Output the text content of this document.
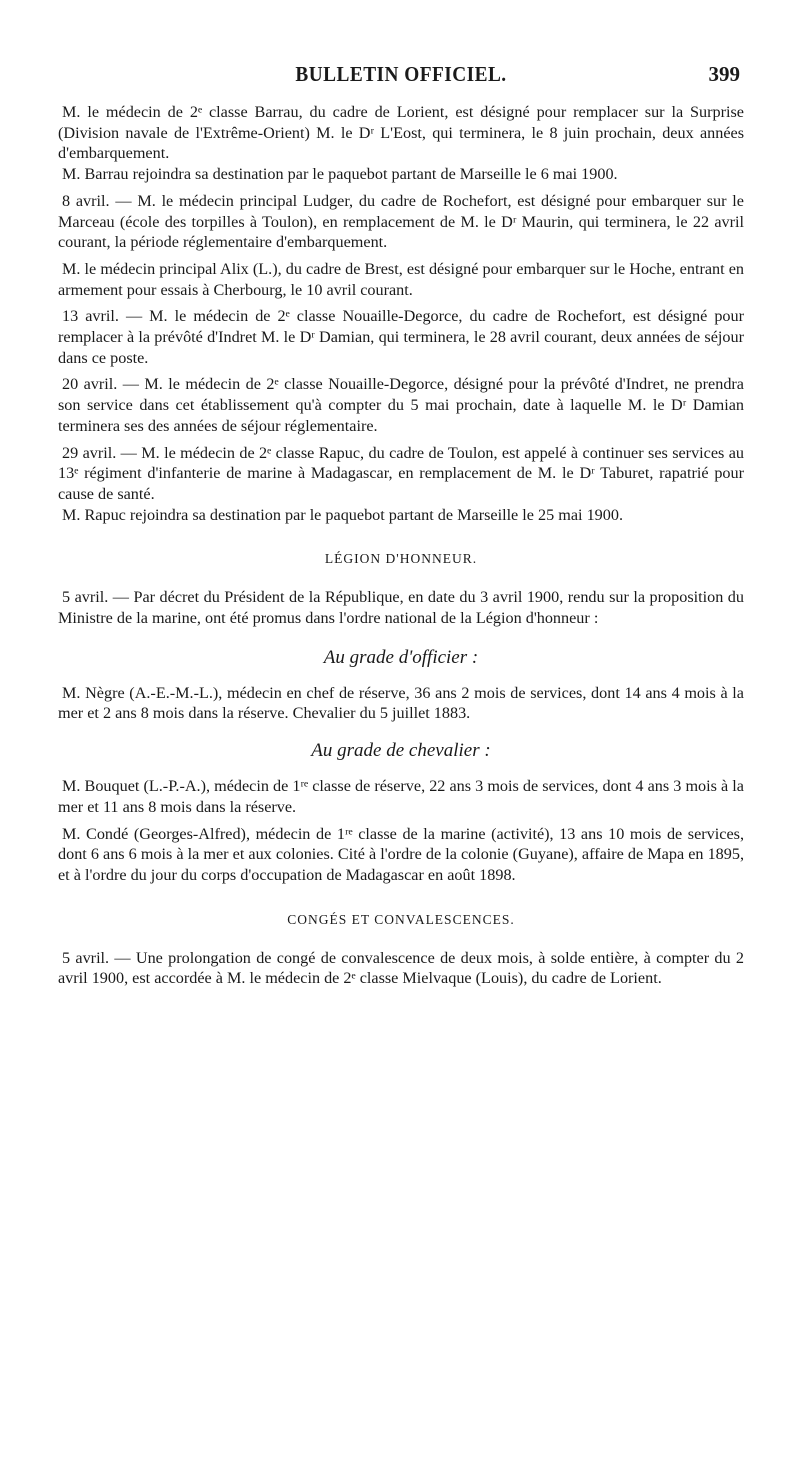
BULLETIN OFFICIEL.	399

M. le médecin de 2ᵉ classe Barrau, du cadre de Lorient, est désigné pour remplacer sur la Surprise (Division navale de l'Extrême-Orient) M. le Dʳ L'Eost, qui terminera, le 8 juin prochain, deux années d'embarquement.

M. Barrau rejoindra sa destination par le paquebot partant de Marseille le 6 mai 1900.

8 avril. — M. le médecin principal Ludger, du cadre de Rochefort, est désigné pour embarquer sur le Marceau (école des torpilles à Toulon), en remplacement de M. le Dʳ Maurin, qui terminera, le 22 avril courant, la période réglementaire d'embarquement.

M. le médecin principal Alix (L.), du cadre de Brest, est désigné pour embarquer sur le Hoche, entrant en armement pour essais à Cherbourg, le 10 avril courant.

13 avril. — M. le médecin de 2ᵉ classe Nouaille-Degorce, du cadre de Rochefort, est désigné pour remplacer à la prévôté d'Indret M. le Dʳ Damian, qui terminera, le 28 avril courant, deux années de séjour dans ce poste.

20 avril. — M. le médecin de 2ᵉ classe Nouaille-Degorce, désigné pour la prévôté d'Indret, ne prendra son service dans cet établissement qu'à compter du 5 mai prochain, date à laquelle M. le Dʳ Damian terminera ses des années de séjour réglementaire.

29 avril. — M. le médecin de 2ᵉ classe Rapuc, du cadre de Toulon, est appelé à continuer ses services au 13ᵉ régiment d'infanterie de marine à Madagascar, en remplacement de M. le Dʳ Taburet, rapatrié pour cause de santé.

M. Rapuc rejoindra sa destination par le paquebot partant de Marseille le 25 mai 1900.

LÉGION D'HONNEUR.

5 avril. — Par décret du Président de la République, en date du 3 avril 1900, rendu sur la proposition du Ministre de la marine, ont été promus dans l'ordre national de la Légion d'honneur :

Au grade d'officier :

M. Nègre (A.-E.-M.-L.), médecin en chef de réserve, 36 ans 2 mois de services, dont 14 ans 4 mois à la mer et 2 ans 8 mois dans la réserve. Chevalier du 5 juillet 1883.

Au grade de chevalier :

M. Bouquet (L.-P.-A.), médecin de 1ʳᵉ classe de réserve, 22 ans 3 mois de services, dont 4 ans 3 mois à la mer et 11 ans 8 mois dans la réserve.

M. Condé (Georges-Alfred), médecin de 1ʳᵉ classe de la marine (activité), 13 ans 10 mois de services, dont 6 ans 6 mois à la mer et aux colonies. Cité à l'ordre de la colonie (Guyane), affaire de Mapa en 1895, et à l'ordre du jour du corps d'occupation de Madagascar en août 1898.

CONGÉS ET CONVALESCENCES.

5 avril. — Une prolongation de congé de convalescence de deux mois, à solde entière, à compter du 2 avril 1900, est accordée à M. le médecin de 2ᵉ classe Mielvaque (Louis), du cadre de Lorient.
